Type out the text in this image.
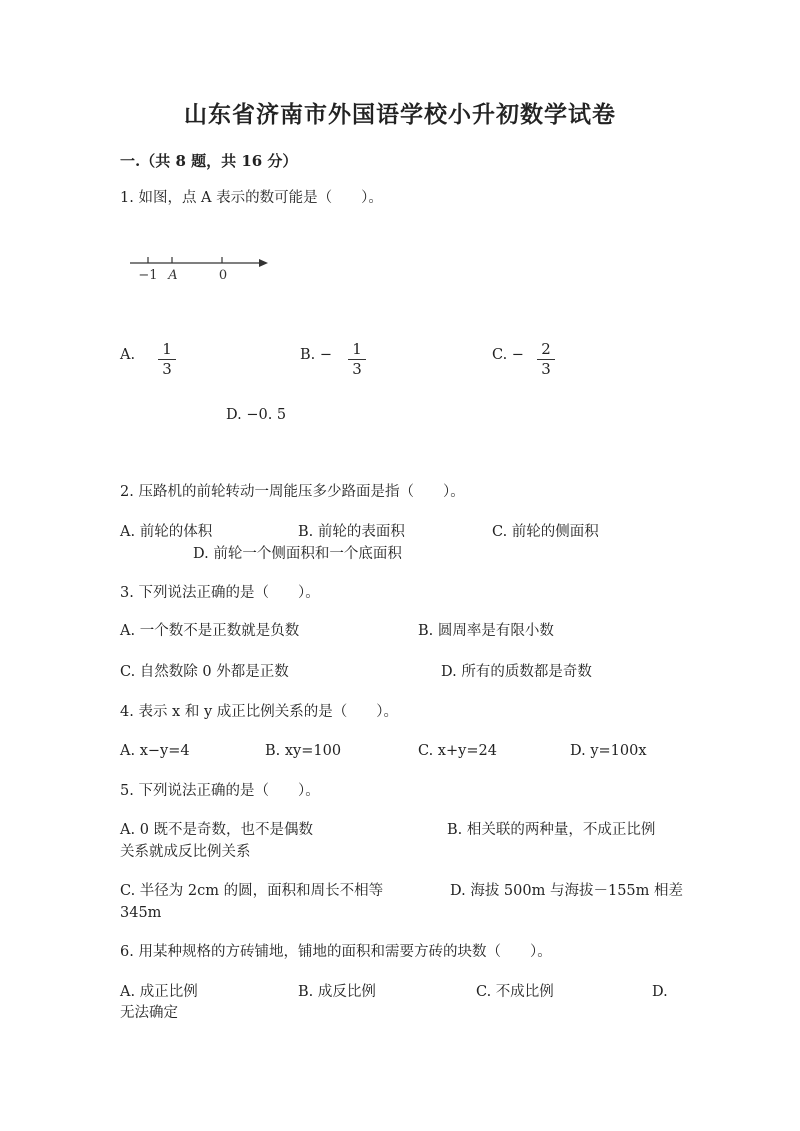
山东省济南市外国语学校小升初数学试卷
一.（共 8 题，共 16 分）
1. 如图，点 A 表示的数可能是（　　）。
−1 A	0
A.	1
3
B. −	1
3
C. −	2
3
D. −0. 5
2. 压路机的前轮转动一周能压多少路面是指（　　）。
A. 前轮的体积	B. 前轮的表面积	C. 前轮的侧面积
D. 前轮一个侧面积和一个底面积
3. 下列说法正确的是（　　）。
A. 一个数不是正数就是负数	B. 圆周率是有限小数
C. 自然数除 0 外都是正数	D. 所有的质数都是奇数
4. 表示 x 和 y 成正比例关系的是（　　）。
A. x−y=4	B. xy=100	C. x+y=24	D. y=100x
5. 下列说法正确的是（　　）。
A. 0 既不是奇数，也不是偶数	B. 相关联的两种量，不成正比例
关系就成反比例关系
C. 半径为 2cm 的圆，面积和周长不相等	D. 海拔 500m 与海拔－155m 相差
345m
6. 用某种规格的方砖铺地，铺地的面积和需要方砖的块数（　　）。
A. 成正比例	B. 成反比例	C. 不成比例	D.
无法确定
